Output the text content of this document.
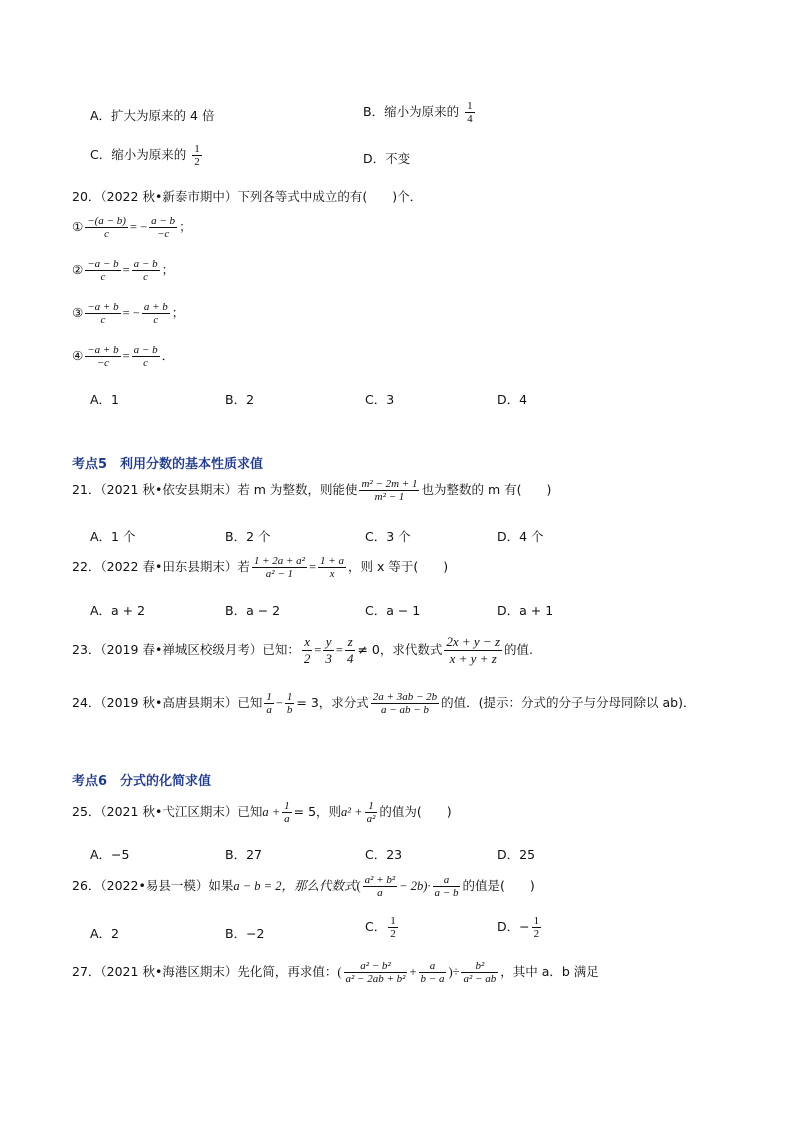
A．扩大为原来的 4 倍	B．缩小为原来的 $\frac{1}{4}$
C．缩小为原来的 $\frac{1}{2}$	D．不变
20．（2022 秋•新泰市期中）下列各等式中成立的有(　　)个．
① $\frac{-(a - b)}{c}$ = − $\frac{a - b}{-c}$ ；
② $\frac{-a - b}{c} = \frac{a - b}{c}$ ；
③ $\frac{-a + b}{c}$ = − $\frac{a + b}{c}$ ；
④ $\frac{-a + b}{-c} = \frac{a - b}{c}$ ．
A．1	B．2	C．3	D．4
考点5　利用分数的基本性质求值
21．（2021 秋•依安县期末）若 m 为整数，则能使 $\frac{\text{m² − 2m + 1}}{\text{m² − 1}}$ 也为整数的 m 有(　　)
A．1 个	B．2 个	C．3 个	D．4 个
22．（2022 春•田东县期末）若 $\frac{\text{1 + 2a + a²}}{\text{a² − 1}} = \frac{1 + a}{x}$ ，则 x 等于(　　)
A．a + 2	B．a − 2	C．a − 1	D．a + 1
23．（2019 春•禅城区校级月考）已知： $\frac{x}{2} = \frac{y}{3} = \frac{z}{4} \ne 0$，求代数式 $\frac{2x + y - z}{x + y + z}$ 的值.
24．（2019 秋•高唐县期末）已知 $\frac{1}{a} - \frac{1}{b} = 3$，求分式 $\frac{2a + 3ab - 2b}{a - ab - b}$ 的值．(提示：分式的分子与分母同除以 ab)．
考点6　分式的化简求值
25．（2021 秋•弋江区期末）已知$a + \frac{1}{a} = 5$，则$a^2 + \frac{1}{\text{a²}}$ 的值为(　　)
A．−5	B．27	C．23	D．25
26．（2022•易县一模）如果a − b = 2，那么代数式( $\frac{\text{a² + b²}}{a} - 2b)\cdot \frac{a}{a - b}$ 的值是(　　)
A．2	B．−2	C． $\frac{1}{2}$	D．− $\frac{1}{2}$
27．（2021 秋•海港区期末）先化简，再求值：( $\frac{\text{a² − b²}}{\text{a² − 2ab + b²}} + \frac{a}{b - a}$ )÷ $\frac{\text{b²}}{\text{a² − ab}}$ ，其中 a．b 满足
